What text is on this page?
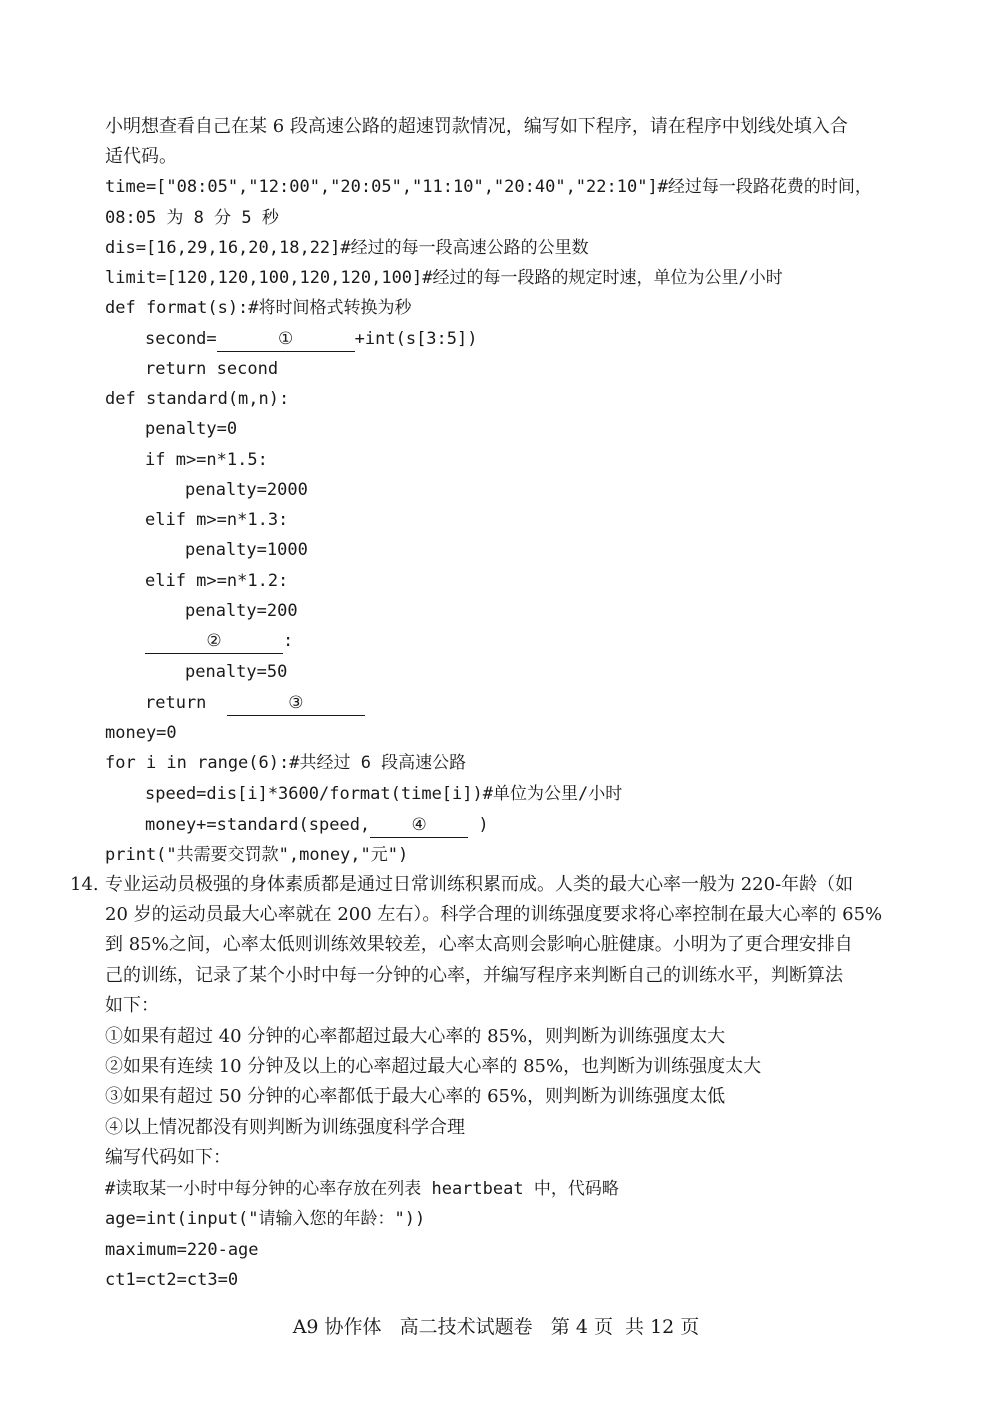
小明想查看自己在某 6 段高速公路的超速罚款情况，编写如下程序，请在程序中划线处填入合
适代码。
time=["08:05","12:00","20:05","11:10","20:40","22:10"]#经过每一段路花费的时间，
08:05 为 8 分 5 秒
dis=[16,29,16,20,18,22]#经过的每一段高速公路的公里数
limit=[120,120,100,120,120,100]#经过的每一段路的规定时速，单位为公里/小时
def format(s):#将时间格式转换为秒
second=	①	+int(s[3:5])
return second
def standard(m,n):
penalty=0
if m>=n*1.5:
penalty=2000
elif m>=n*1.3:
penalty=1000
elif m>=n*1.2:
penalty=200
②	:
penalty=50
return	③
money=0
for i in range(6):#共经过 6 段高速公路
speed=dis[i]*3600/format(time[i])#单位为公里/小时
money+=standard(speed, ④	)
print("共需要交罚款",money,"元")
14. 专业运动员极强的身体素质都是通过日常训练积累而成。人类的最大心率一般为 220-年龄（如
20 岁的运动员最大心率就在 200 左右）。科学合理的训练强度要求将心率控制在最大心率的 65%
到 85%之间，心率太低则训练效果较差，心率太高则会影响心脏健康。小明为了更合理安排自
己的训练，记录了某个小时中每一分钟的心率，并编写程序来判断自己的训练水平，判断算法
如下：
①如果有超过 40 分钟的心率都超过最大心率的 85%，则判断为训练强度太大
②如果有连续 10 分钟及以上的心率超过最大心率的 85%，也判断为训练强度太大
③如果有超过 50 分钟的心率都低于最大心率的 65%，则判断为训练强度太低
④以上情况都没有则判断为训练强度科学合理
编写代码如下：
#读取某一小时中每分钟的心率存放在列表 heartbeat 中，代码略
age=int(input("请输入您的年龄："))
maximum=220-age
ct1=ct2=ct3=0
A9 协作体   高二技术试题卷   第 4 页  共 12 页
